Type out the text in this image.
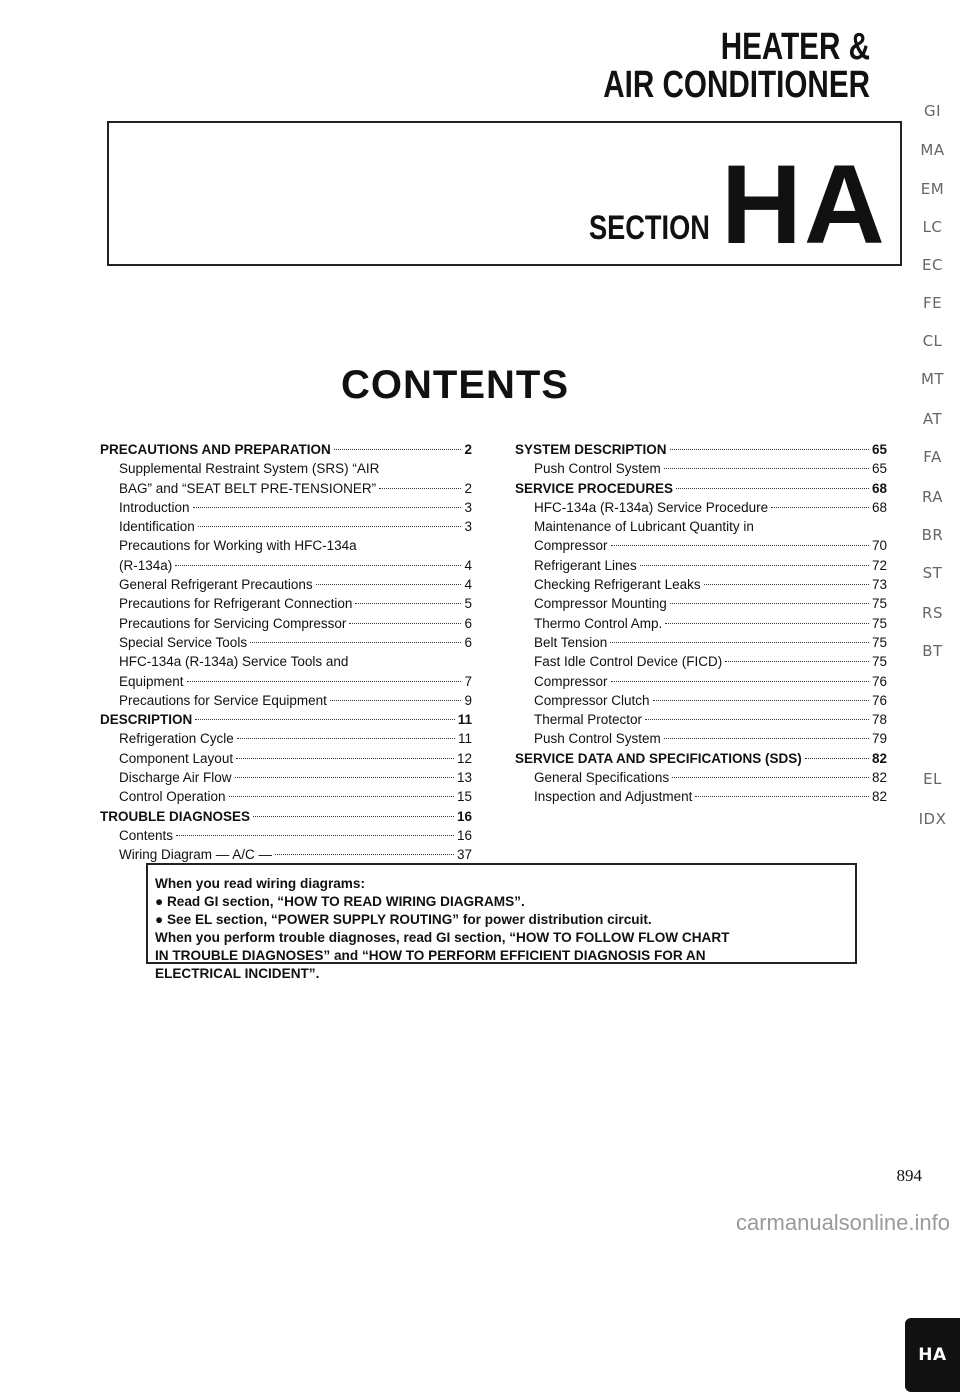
HEATER &
AIR CONDITIONER
SECTION HA
CONTENTS
PRECAUTIONS AND PREPARATION	2
Supplemental Restraint System (SRS) “AIR
BAG” and “SEAT BELT PRE-TENSIONER”	2
Introduction	3
Identification	3
Precautions for Working with HFC-134a
(R-134a)	4
General Refrigerant Precautions	4
Precautions for Refrigerant Connection	5
Precautions for Servicing Compressor	6
Special Service Tools	6
HFC-134a (R-134a) Service Tools and
Equipment	7
Precautions for Service Equipment	9
DESCRIPTION	11
Refrigeration Cycle	11
Component Layout	12
Discharge Air Flow	13
Control Operation	15
TROUBLE DIAGNOSES	16
Contents	16
Wiring Diagram — A/C —	37
SYSTEM DESCRIPTION	65
Push Control System	65
SERVICE PROCEDURES	68
HFC-134a (R-134a) Service Procedure	68
Maintenance of Lubricant Quantity in
Compressor	70
Refrigerant Lines	72
Checking Refrigerant Leaks	73
Compressor Mounting	75
Thermo Control Amp.	75
Belt Tension	75
Fast Idle Control Device (FICD)	75
Compressor	76
Compressor Clutch	76
Thermal Protector	78
Push Control System	79
SERVICE DATA AND SPECIFICATIONS (SDS)	82
General Specifications	82
Inspection and Adjustment	82
When you read wiring diagrams:
● Read GI section, “HOW TO READ WIRING DIAGRAMS”.
● See EL section, “POWER SUPPLY ROUTING” for power distribution circuit.
When you perform trouble diagnoses, read GI section, “HOW TO FOLLOW FLOW CHART
IN TROUBLE DIAGNOSES” and “HOW TO PERFORM EFFICIENT DIAGNOSIS FOR AN
ELECTRICAL INCIDENT”.
GI
MA
EM
LC
EC
FE
CL
MT
AT
FA
RA
BR
ST
RS
BT
HA
EL
IDX
894
carmanualsonline.info
